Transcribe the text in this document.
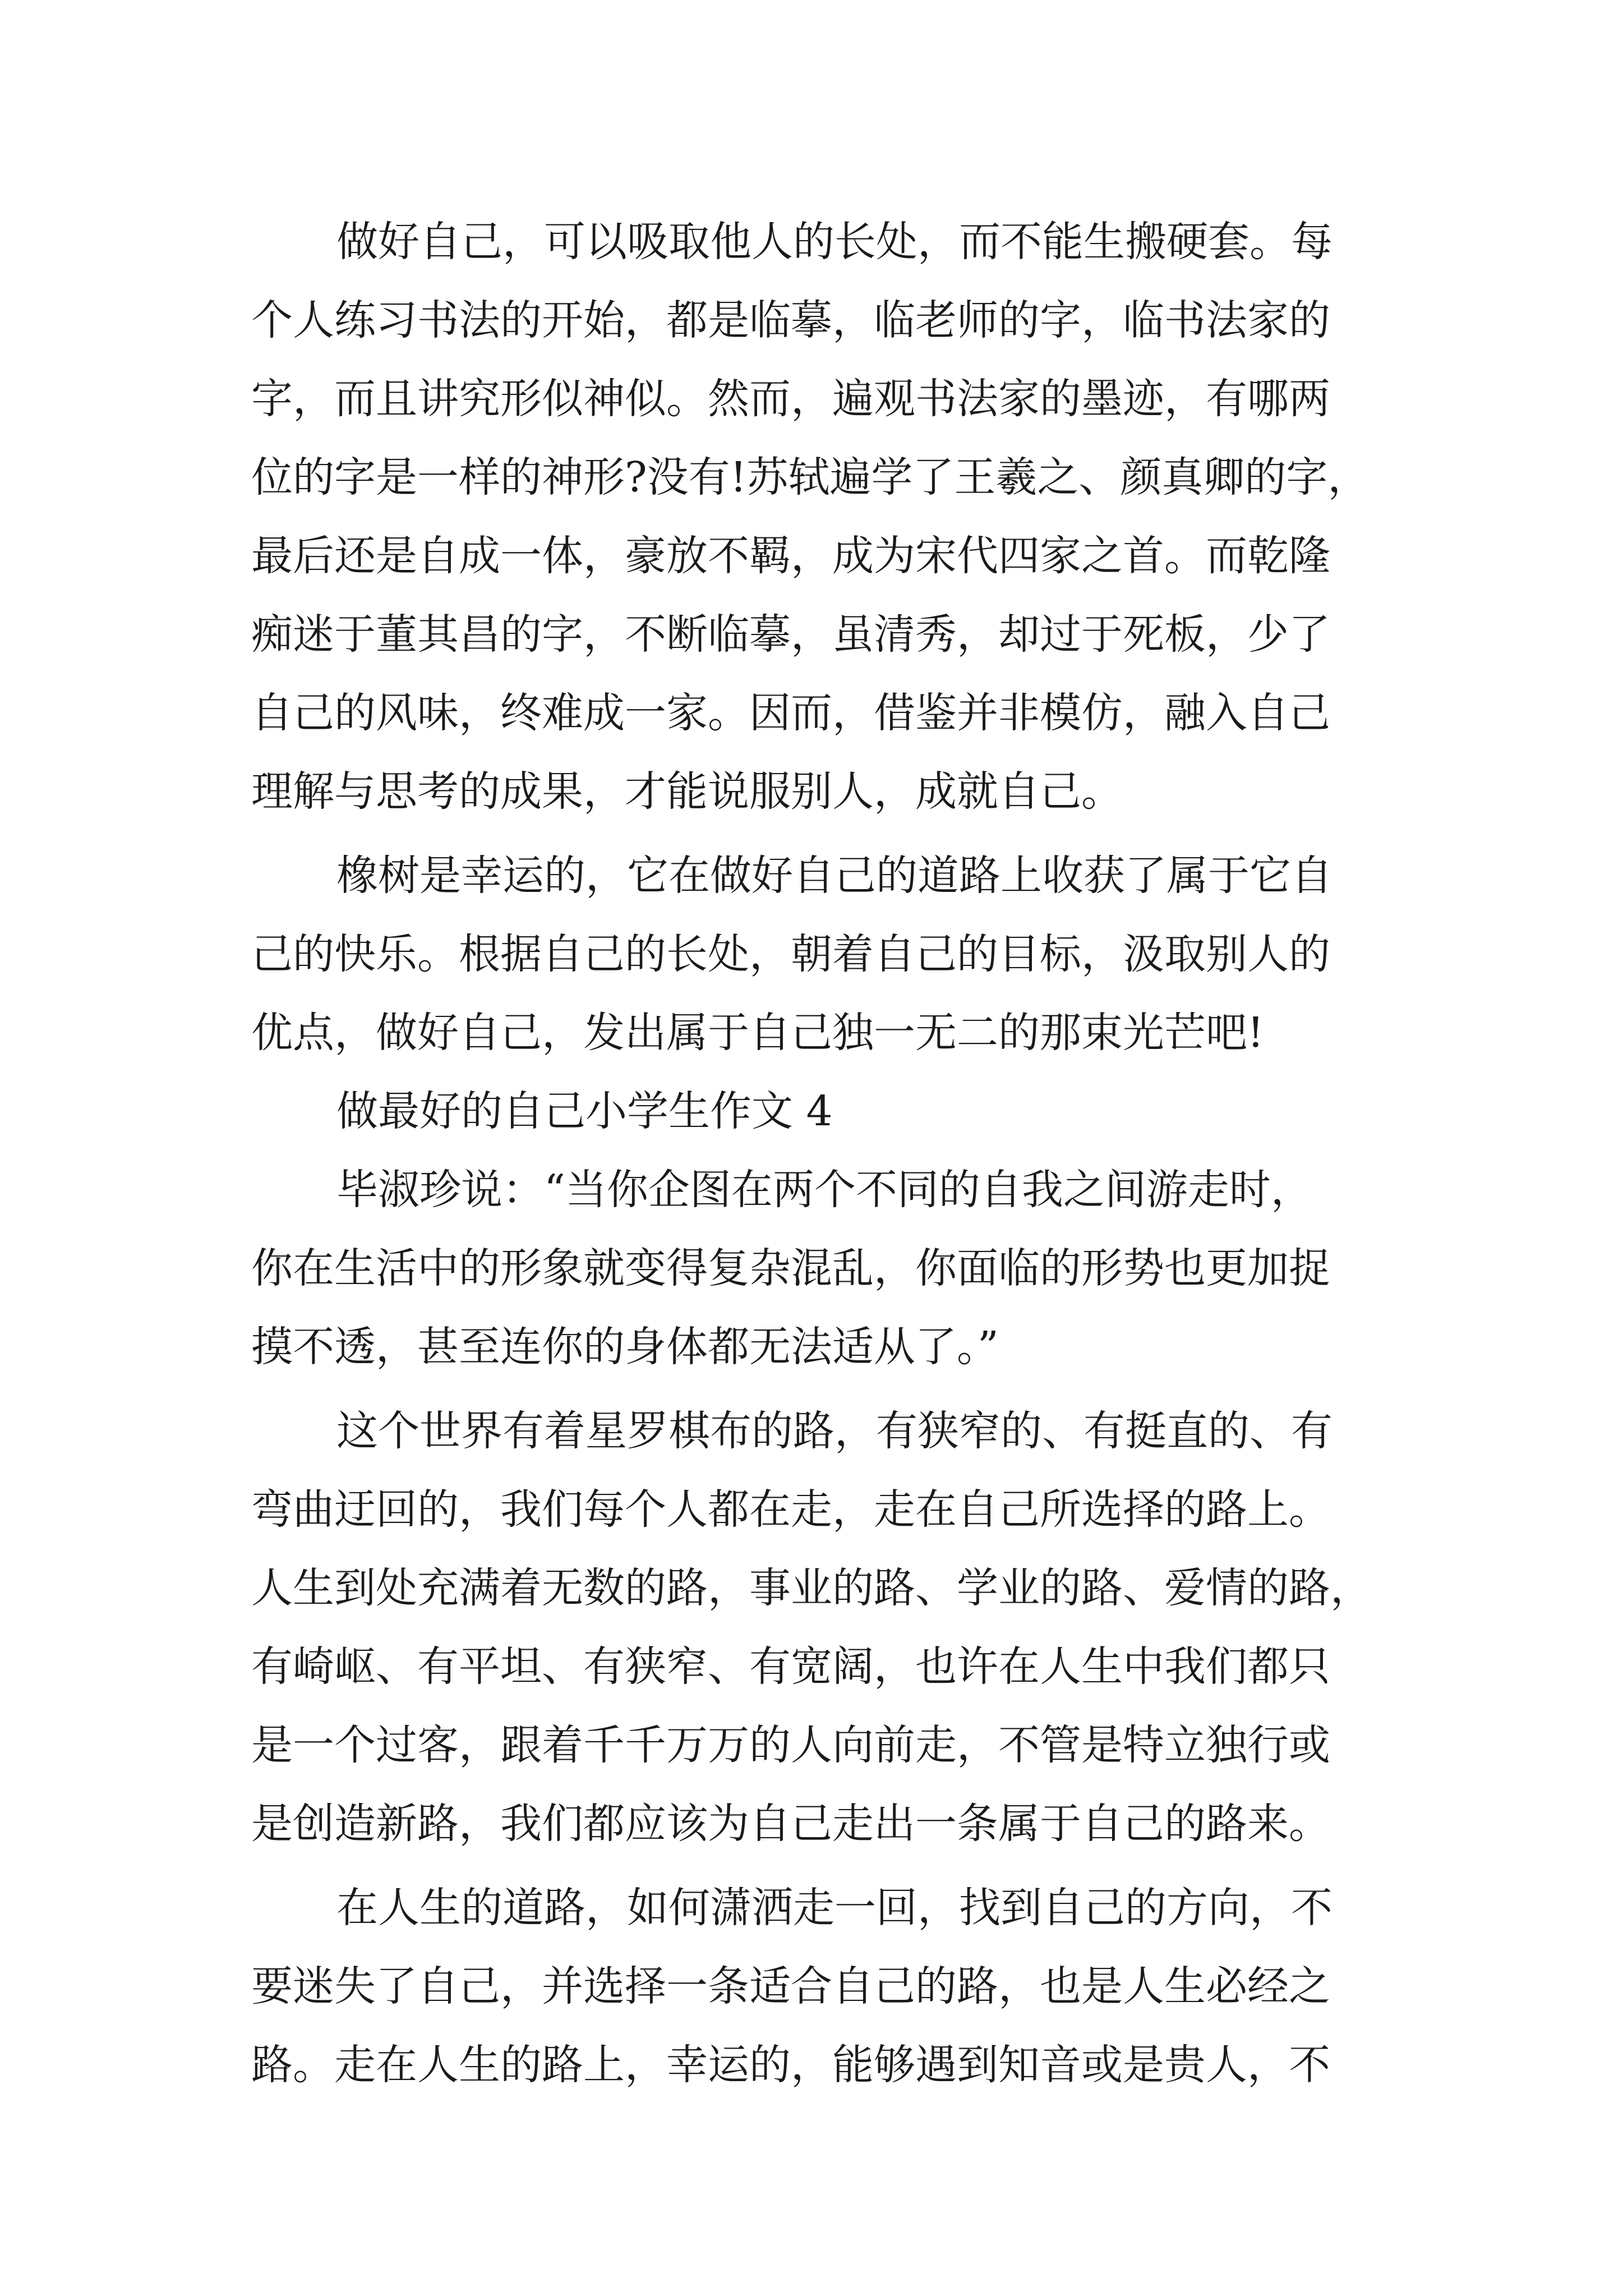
做好自己，可以吸取他人的长处，而不能生搬硬套。每
个人练习书法的开始，都是临摹，临老师的字，临书法家的
字，而且讲究形似神似。然而，遍观书法家的墨迹，有哪两
位的字是一样的神形?没有!苏轼遍学了王羲之、颜真卿的字，
最后还是自成一体，豪放不羁，成为宋代四家之首。而乾隆
痴迷于董其昌的字，不断临摹，虽清秀，却过于死板，少了
自己的风味，终难成一家。因而，借鉴并非模仿，融入自己
理解与思考的成果，才能说服别人，成就自己。
橡树是幸运的，它在做好自己的道路上收获了属于它自
己的快乐。根据自己的长处，朝着自己的目标，汲取别人的
优点，做好自己，发出属于自己独一无二的那束光芒吧!
做最好的自己小学生作文 4
毕淑珍说：“当你企图在两个不同的自我之间游走时，
你在生活中的形象就变得复杂混乱，你面临的形势也更加捉
摸不透，甚至连你的身体都无法适从了。”
这个世界有着星罗棋布的路，有狭窄的、有挺直的、有
弯曲迂回的，我们每个人都在走，走在自己所选择的路上。
人生到处充满着无数的路，事业的路、学业的路、爱情的路，
有崎岖、有平坦、有狭窄、有宽阔，也许在人生中我们都只
是一个过客，跟着千千万万的人向前走，不管是特立独行或
是创造新路，我们都应该为自己走出一条属于自己的路来。
在人生的道路，如何潇洒走一回，找到自己的方向，不
要迷失了自己，并选择一条适合自己的路，也是人生必经之
路。走在人生的路上，幸运的，能够遇到知音或是贵人，不
